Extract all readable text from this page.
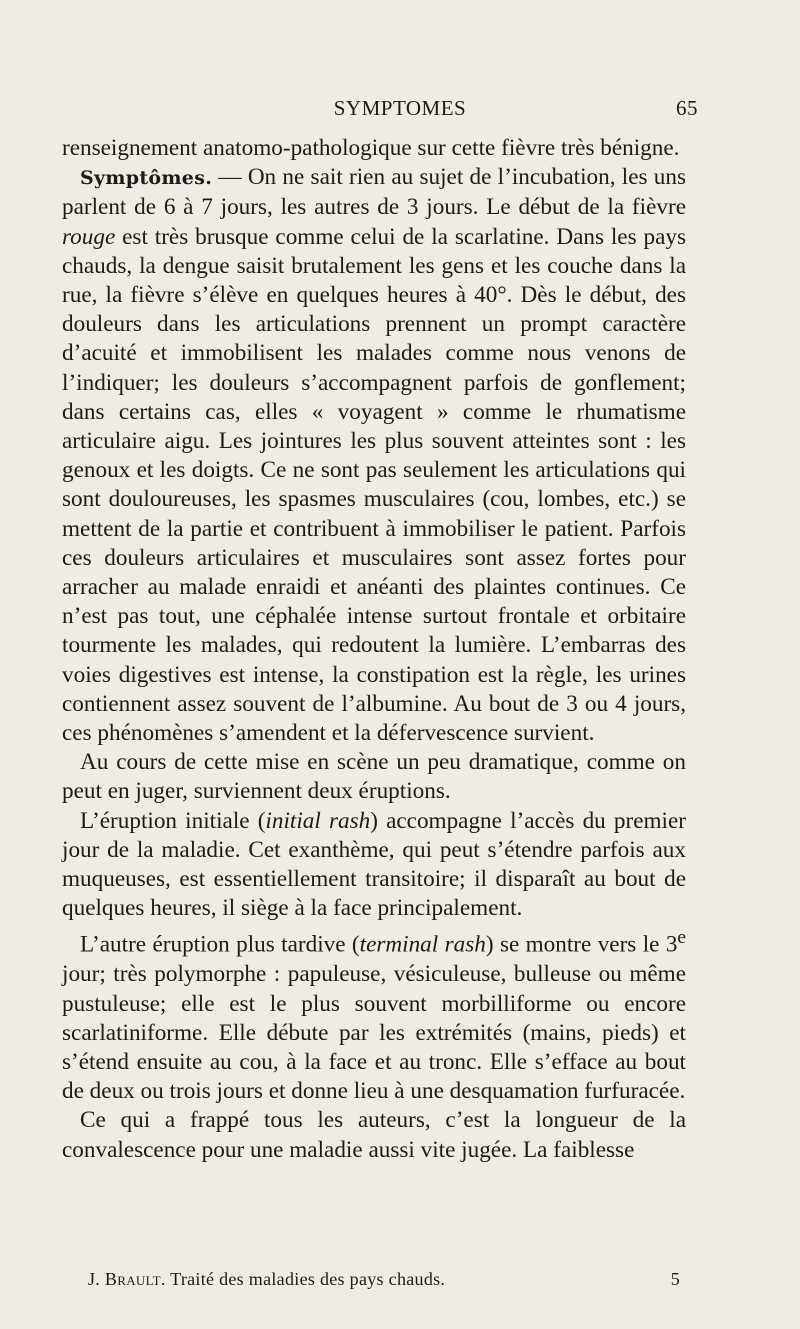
SYMPTOMES	65

renseignement anatomo-pathologique sur cette fièvre très bénigne.

Symptômes. — On ne sait rien au sujet de l’incubation, les uns parlent de 6 à 7 jours, les autres de 3 jours. Le début de la fièvre rouge est très brusque comme celui de la scarlatine. Dans les pays chauds, la dengue saisit brutalement les gens et les couche dans la rue, la fièvre s’élève en quelques heures à 40°. Dès le début, des douleurs dans les articulations prennent un prompt caractère d’acuité et immobilisent les malades comme nous venons de l’indiquer; les douleurs s’accompagnent parfois de gonflement; dans certains cas, elles « voyagent » comme le rhumatisme articulaire aigu. Les jointures les plus souvent atteintes sont : les genoux et les doigts. Ce ne sont pas seulement les articulations qui sont douloureuses, les spasmes musculaires (cou, lombes, etc.) se mettent de la partie et contribuent à immobiliser le patient. Parfois ces douleurs articulaires et musculaires sont assez fortes pour arracher au malade enraidi et anéanti des plaintes continues. Ce n’est pas tout, une céphalée intense surtout frontale et orbitaire tourmente les malades, qui redoutent la lumière. L’embarras des voies digestives est intense, la constipation est la règle, les urines contiennent assez souvent de l’albumine. Au bout de 3 ou 4 jours, ces phénomènes s’amendent et la défervescence survient.

Au cours de cette mise en scène un peu dramatique, comme on peut en juger, surviennent deux éruptions.

L’éruption initiale (initial rash) accompagne l’accès du premier jour de la maladie. Cet exanthème, qui peut s’étendre parfois aux muqueuses, est essentiellement transitoire; il disparaît au bout de quelques heures, il siège à la face principalement.

L’autre éruption plus tardive (terminal rash) se montre vers le 3e jour; très polymorphe : papuleuse, vésiculeuse, bulleuse ou même pustuleuse; elle est le plus souvent morbilliforme ou encore scarlatiniforme. Elle débute par les extrémités (mains, pieds) et s’étend ensuite au cou, à la face et au tronc. Elle s’efface au bout de deux ou trois jours et donne lieu à une desquamation furfuracée.

Ce qui a frappé tous les auteurs, c’est la longueur de la convalescence pour une maladie aussi vite jugée. La faiblesse

J. Brault. Traité des maladies des pays chauds.	5
